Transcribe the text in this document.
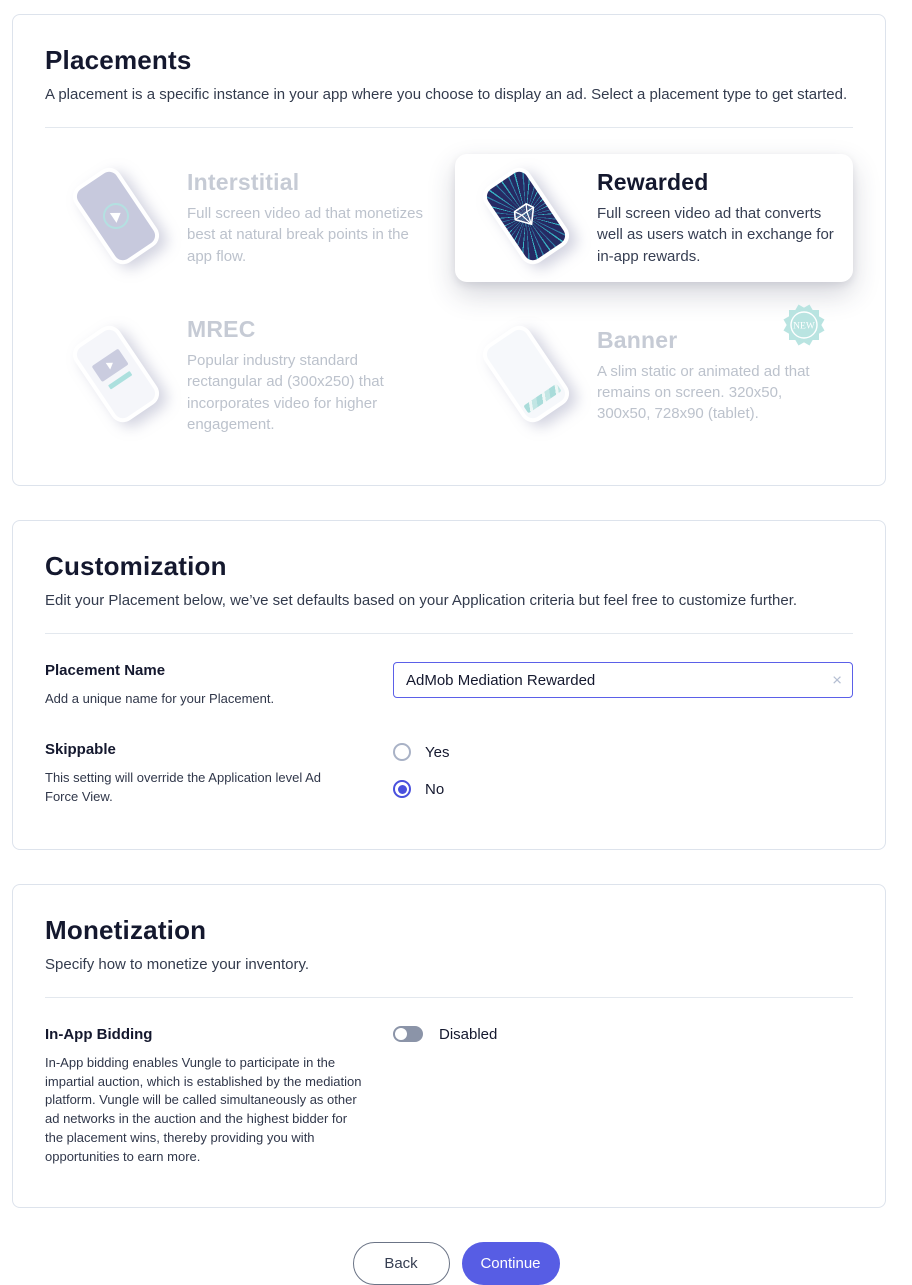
Placements
A placement is a specific instance in your app where you choose to display an ad. Select a placement type to get started.
Interstitial
Full screen video ad that monetizes best at natural break points in the app flow.
Rewarded
Full screen video ad that converts well as users watch in exchange for in-app rewards.
MREC
Popular industry standard rectangular ad (300x250) that incorporates video for higher engagement.
Banner
A slim static or animated ad that remains on screen. 320x50, 300x50, 728x90 (tablet).
NEW
Customization
Edit your Placement below, we’ve set defaults based on your Application criteria but feel free to customize further.
Placement Name
Add a unique name for your Placement.
AdMob Mediation Rewarded
×
Skippable
This setting will override the Application level Ad Force View.
Yes
No
Monetization
Specify how to monetize your inventory.
In-App Bidding
In-App bidding enables Vungle to participate in the impartial auction, which is established by the mediation platform. Vungle will be called simultaneously as other ad networks in the auction and the highest bidder for the placement wins, thereby providing you with opportunities to earn more.
Disabled
Back	Continue
